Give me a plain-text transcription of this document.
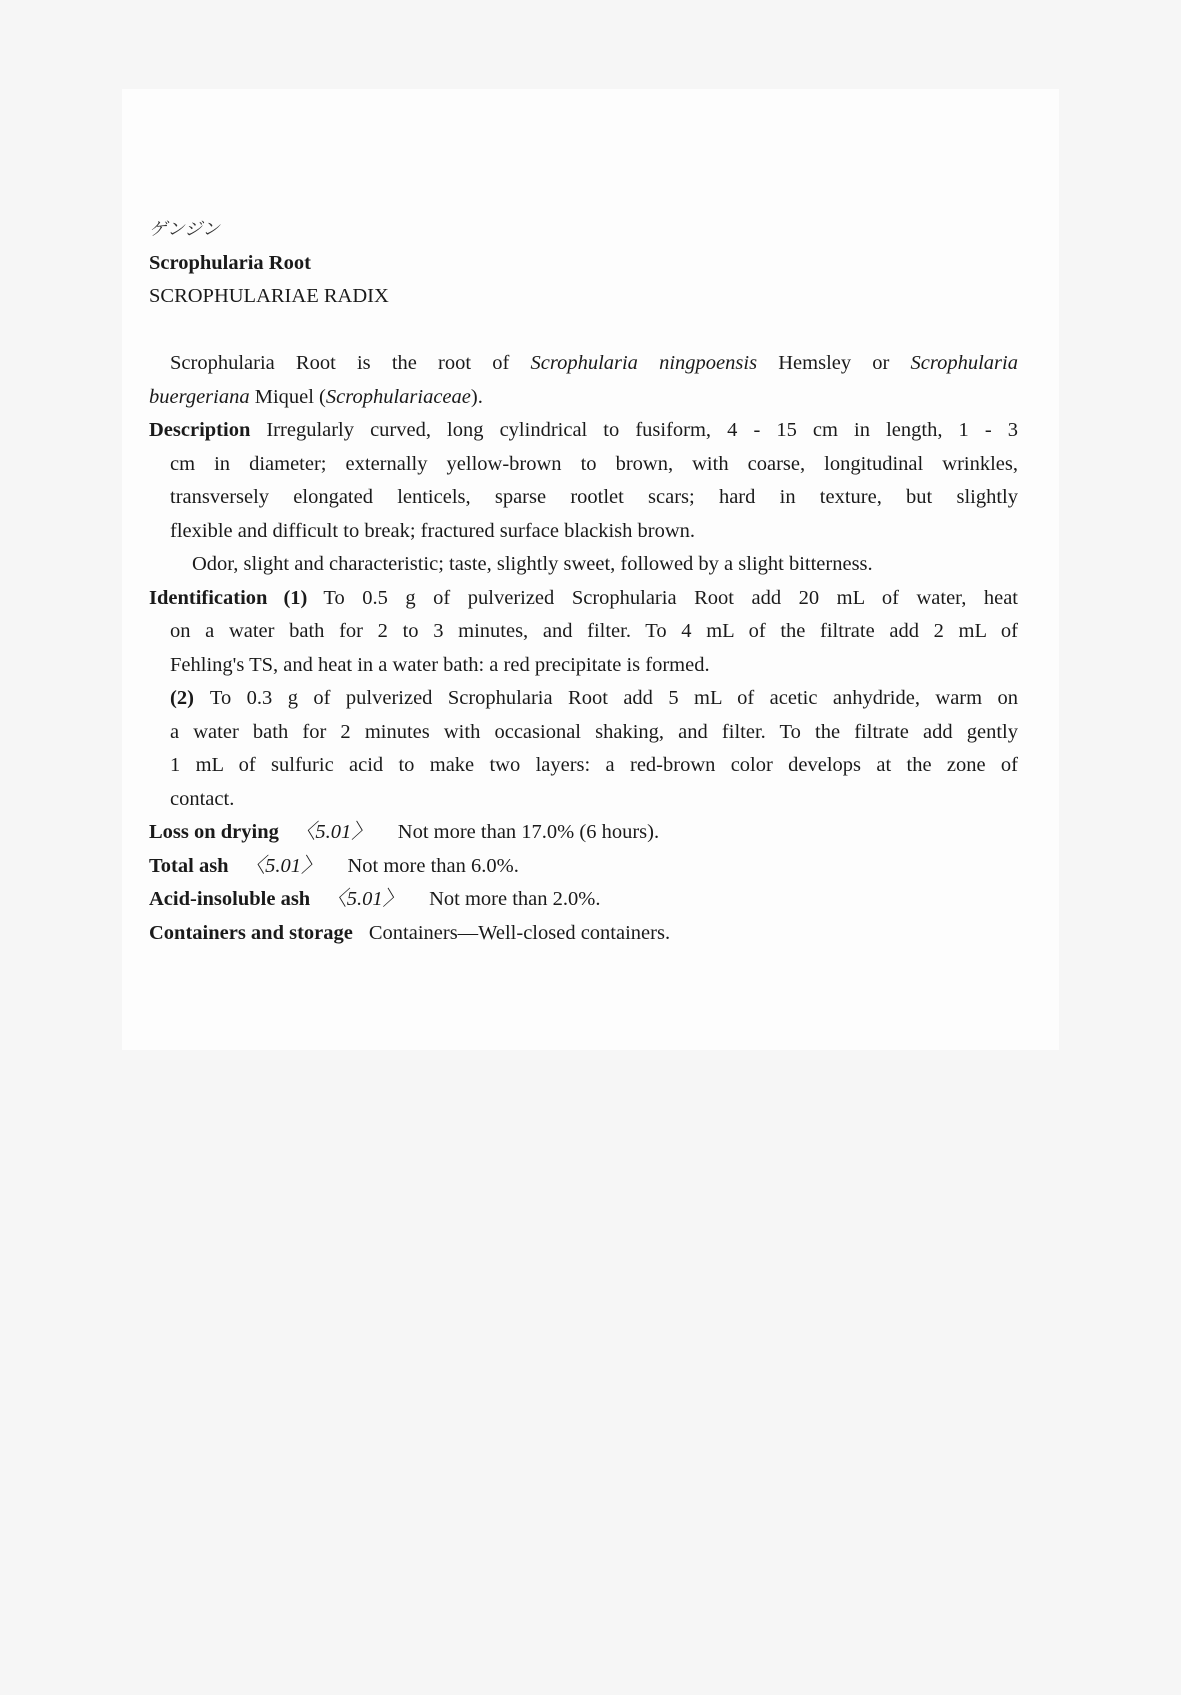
ゲンジン
Scrophularia Root
SCROPHULARIAE RADIX
Scrophularia Root is the root of Scrophularia ningpoensis Hemsley or Scrophularia
buergeriana Miquel (Scrophulariaceae).
Description Irregularly curved, long cylindrical to fusiform, 4 - 15 cm in length, 1 - 3
cm in diameter; externally yellow-brown to brown, with coarse, longitudinal wrinkles,
transversely elongated lenticels, sparse rootlet scars; hard in texture, but slightly
flexible and difficult to break; fractured surface blackish brown.
Odor, slight and characteristic; taste, slightly sweet, followed by a slight bitterness.
Identification (1) To 0.5 g of pulverized Scrophularia Root add 20 mL of water, heat
on a water bath for 2 to 3 minutes, and filter. To 4 mL of the filtrate add 2 mL of
Fehling's TS, and heat in a water bath: a red precipitate is formed.
(2) To 0.3 g of pulverized Scrophularia Root add 5 mL of acetic anhydride, warm on
a water bath for 2 minutes with occasional shaking, and filter. To the filtrate add gently
1 mL of sulfuric acid to make two layers: a red-brown color develops at the zone of
contact.
Loss on drying 〈5.01〉 Not more than 17.0% (6 hours).
Total ash 〈5.01〉 Not more than 6.0%.
Acid-insoluble ash 〈5.01〉 Not more than 2.0%.
Containers and storage Containers—Well-closed containers.
